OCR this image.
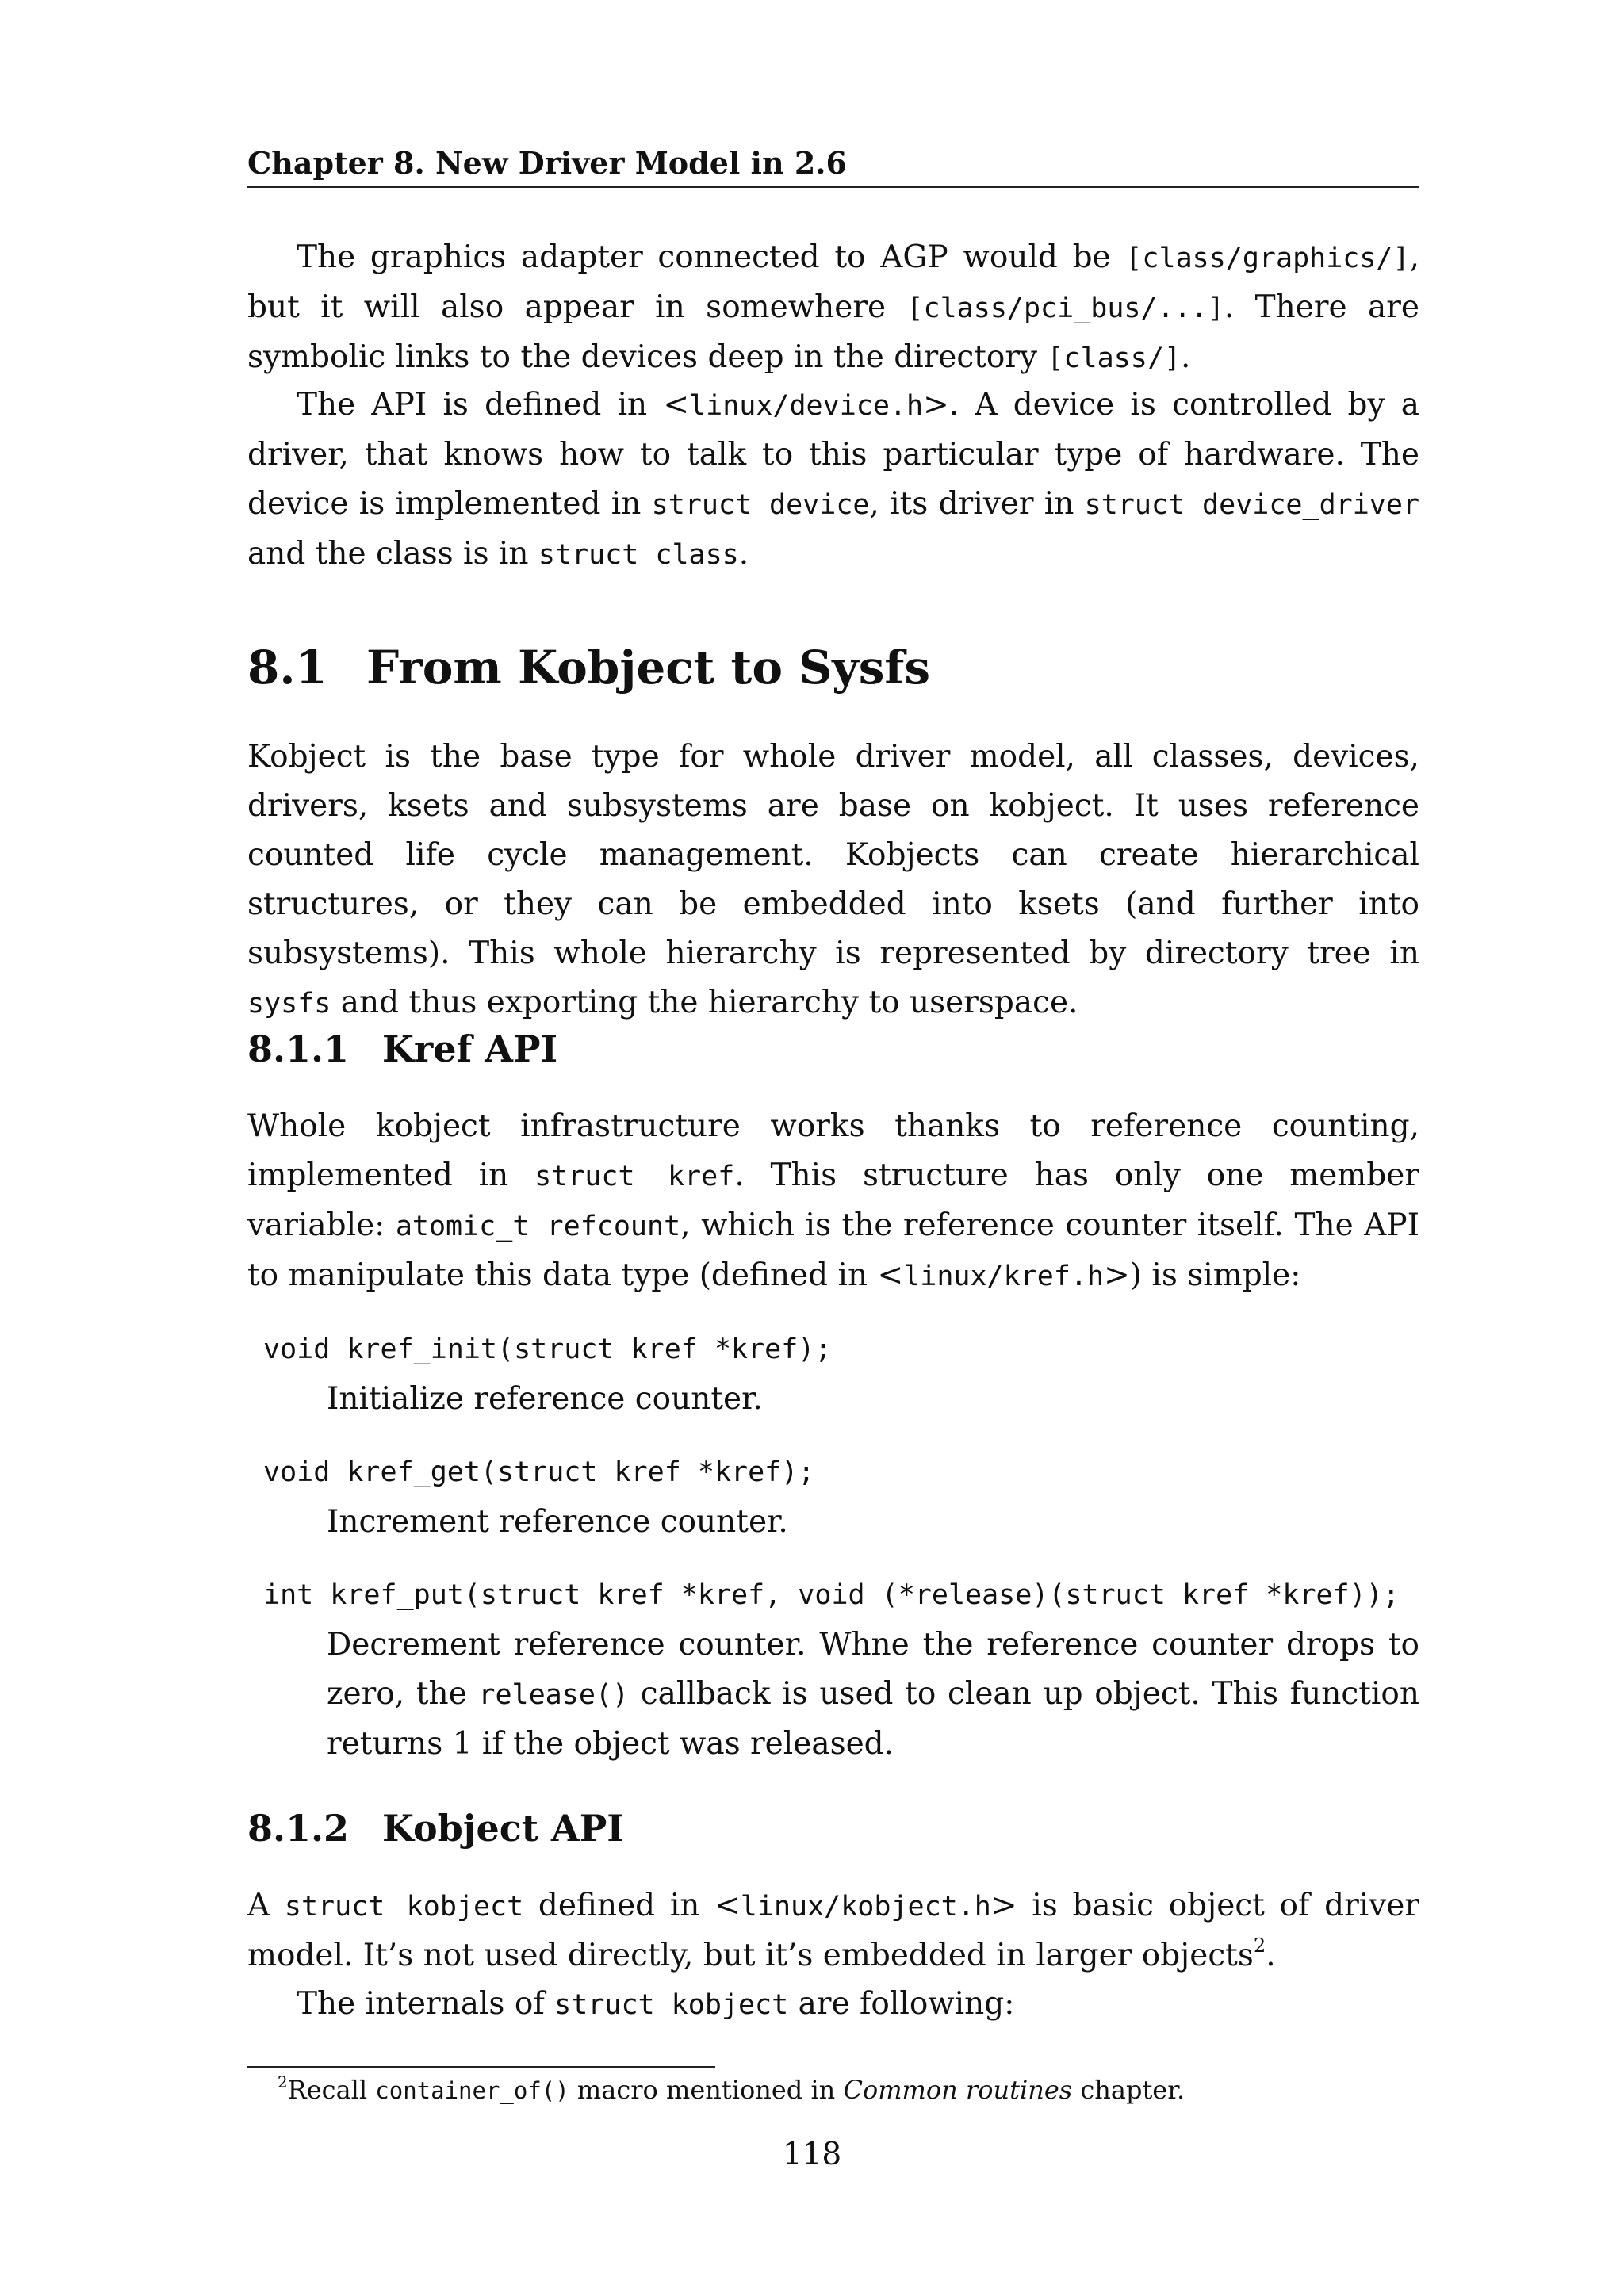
Chapter 8. New Driver Model in 2.6

The graphics adapter connected to AGP would be [class/graphics/], but it will also appear in somewhere [class/pci_bus/...]. There are symbolic links to the devices deep in the directory [class/].

The API is defined in <linux/device.h>. A device is controlled by a driver, that knows how to talk to this particular type of hardware. The device is implemented in struct device, its driver in struct device_driver and the class is in struct class.

8.1 From Kobject to Sysfs

Kobject is the base type for whole driver model, all classes, devices, drivers, ksets and subsystems are base on kobject. It uses reference counted life cycle management. Kobjects can create hierarchical structures, or they can be embedded into ksets (and further into subsystems). This whole hierarchy is represented by directory tree in sysfs and thus exporting the hierarchy to userspace.

8.1.1 Kref API

Whole kobject infrastructure works thanks to reference counting, implemented in struct kref. This structure has only one member variable: atomic_t refcount, which is the reference counter itself. The API to manipulate this data type (defined in <linux/kref.h>) is simple:

void kref_init(struct kref *kref);

Initialize reference counter.

void kref_get(struct kref *kref);

Increment reference counter.

int kref_put(struct kref *kref, void (*release)(struct kref *kref));

Decrement reference counter. Whne the reference counter drops to zero, the release() callback is used to clean up object. This function returns 1 if the object was released.

8.1.2 Kobject API

A struct kobject defined in <linux/kobject.h> is basic object of driver model. It’s not used directly, but it’s embedded in larger objects$^2$.

The internals of struct kobject are following:

$^2$Recall container_of() macro mentioned in Common routines chapter.

118
